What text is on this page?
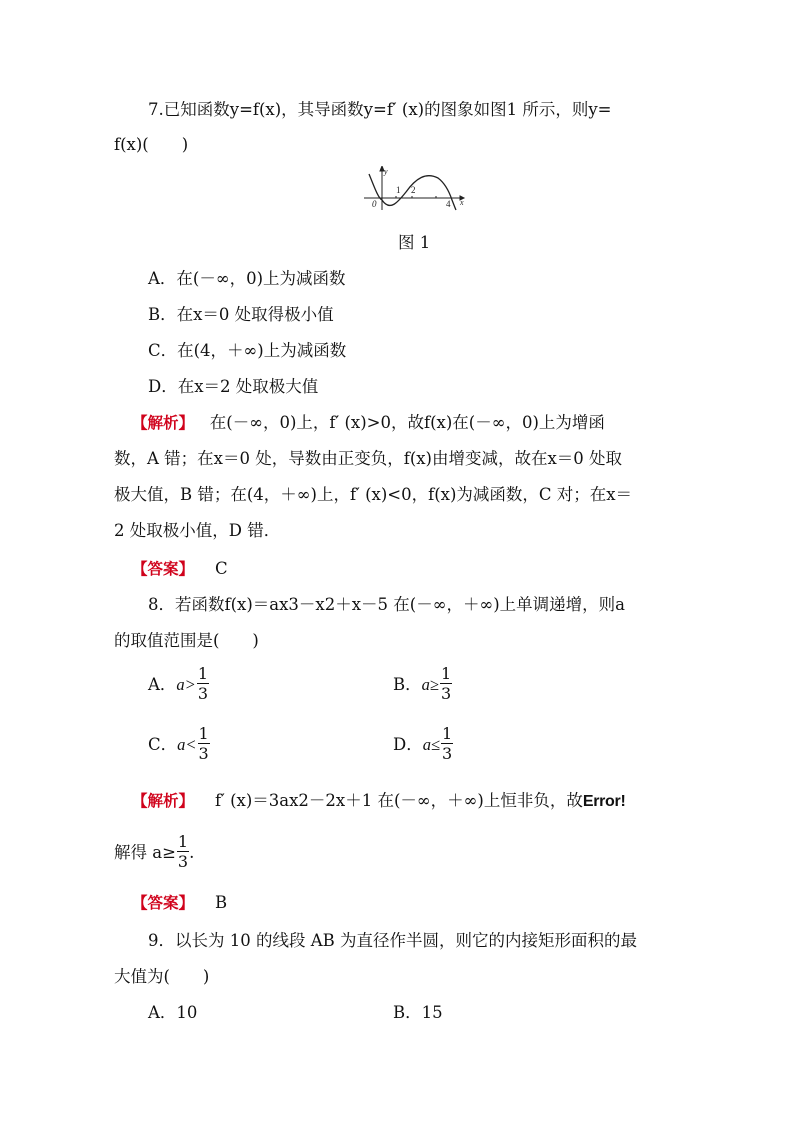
7.已知函数y=f(x)，其导函数y=f′ (x)的图象如图1 所示，则y=
f(x)(　　)
y
x
0
1 2
4
图 1
A．在(－∞，0)上为减函数
B．在x＝0 处取得极小值
C．在(4，＋∞)上为减函数
D．在x＝2 处取极大值
【解析】 在(－∞，0)上，f′ (x)>0，故f(x)在(－∞，0)上为增函
数，A 错；在x＝0 处，导数由正变负，f(x)由增变减，故在x＝0 处取
极大值，B 错；在(4，＋∞)上，f′ (x)<0，f(x)为减函数，C 对；在x＝
2 处取极小值，D 错．
【答案】 C
8．若函数f(x)＝ax3－x2＋x－5 在(－∞，＋∞)上单调递增，则a
的取值范围是(　　)
A．$a> \frac{1}{3}$	B．$a\ge \frac{1}{3}$
C．$a< \frac{1}{3}$	D．$a\le \frac{1}{3}$
【解析】 f′ (x)＝3ax2－2x＋1 在(－∞，＋∞)上恒非负，故Error!
解得 $a\ge \frac{1}{3}$ .
【答案】 B
9．以长为 10 的线段 AB 为直径作半圆，则它的内接矩形面积的最
大值为(　　)
A．10	B．15
